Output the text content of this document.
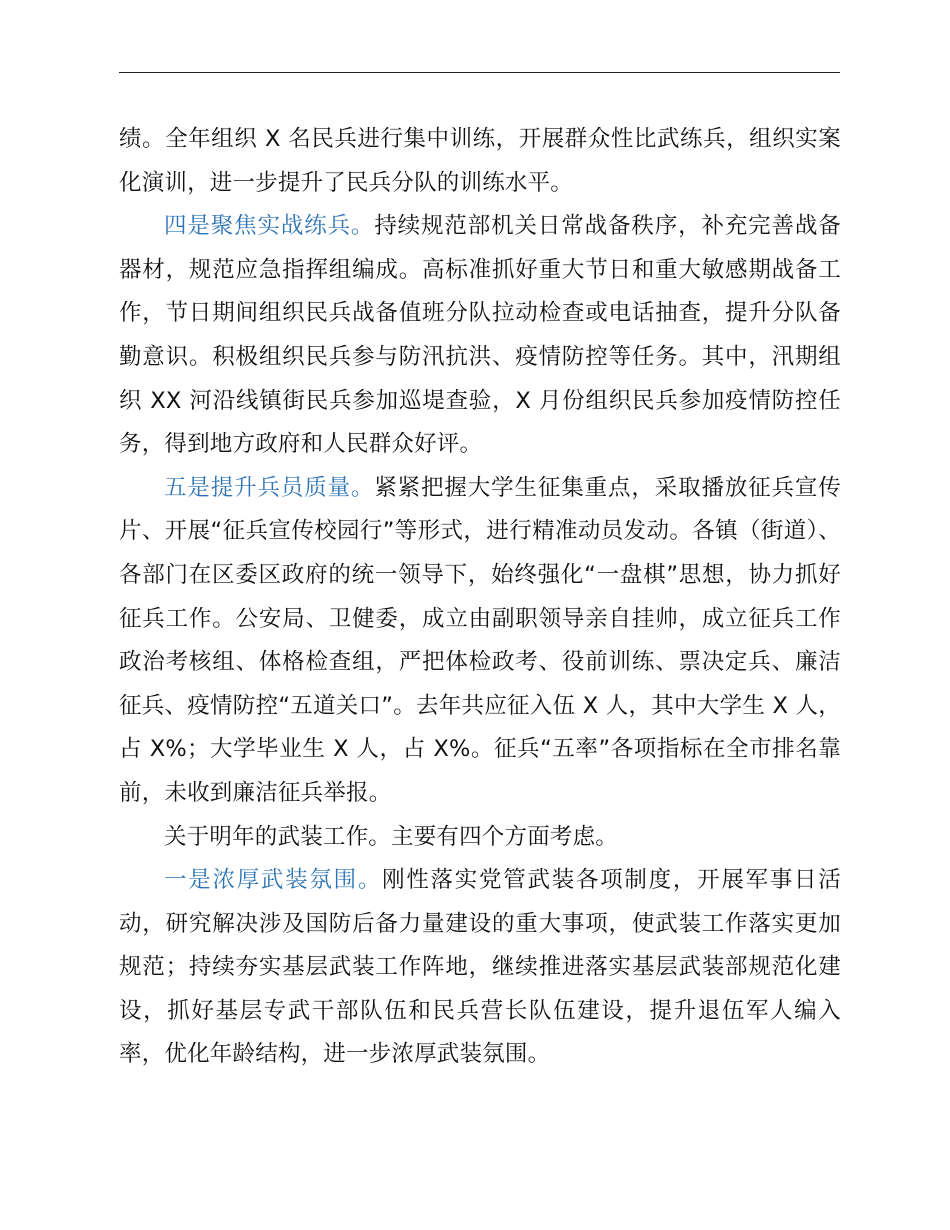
绩。全年组织 X 名民兵进行集中训练，开展群众性比武练兵，组织实案化演训，进一步提升了民兵分队的训练水平。

四是聚焦实战练兵。持续规范部机关日常战备秩序，补充完善战备器材，规范应急指挥组编成。高标准抓好重大节日和重大敏感期战备工作，节日期间组织民兵战备值班分队拉动检查或电话抽查，提升分队备勤意识。积极组织民兵参与防汛抗洪、疫情防控等任务。其中，汛期组织 XX 河沿线镇街民兵参加巡堤查验，X 月份组织民兵参加疫情防控任务，得到地方政府和人民群众好评。

五是提升兵员质量。紧紧把握大学生征集重点，采取播放征兵宣传片、开展“征兵宣传校园行”等形式，进行精准动员发动。各镇（街道）、各部门在区委区政府的统一领导下，始终强化“一盘棋”思想，协力抓好征兵工作。公安局、卫健委，成立由副职领导亲自挂帅，成立征兵工作政治考核组、体格检查组，严把体检政考、役前训练、票决定兵、廉洁征兵、疫情防控“五道关口”。去年共应征入伍 X 人，其中大学生 X 人，占 X%；大学毕业生 X 人，占 X%。征兵“五率”各项指标在全市排名靠前，未收到廉洁征兵举报。

关于明年的武装工作。主要有四个方面考虑。

一是浓厚武装氛围。刚性落实党管武装各项制度，开展军事日活动，研究解决涉及国防后备力量建设的重大事项，使武装工作落实更加规范；持续夯实基层武装工作阵地，继续推进落实基层武装部规范化建设，抓好基层专武干部队伍和民兵营长队伍建设，提升退伍军人编入率，优化年龄结构，进一步浓厚武装氛围。
